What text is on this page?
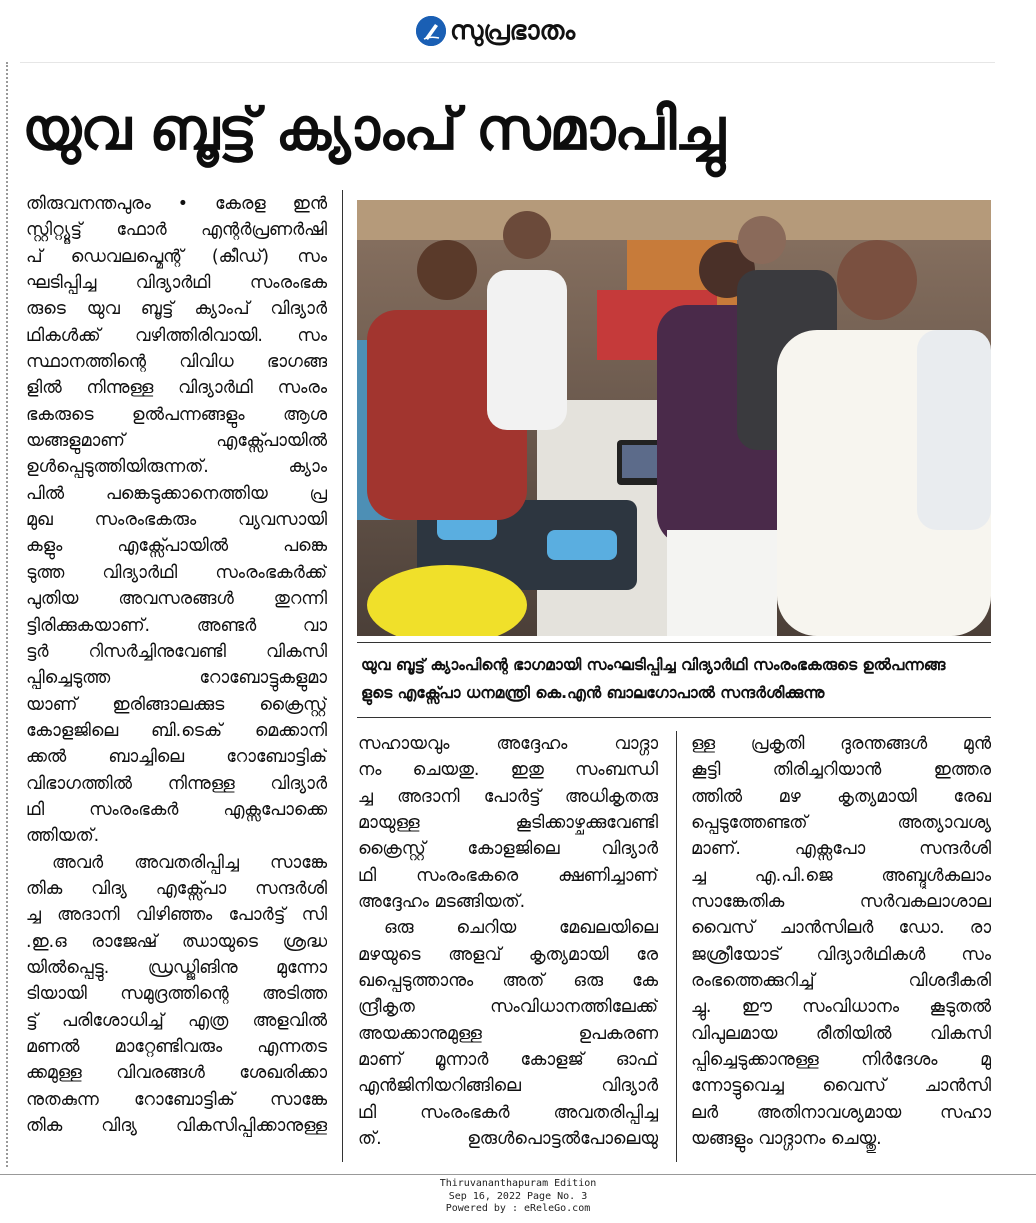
സുപ്രഭാതം
യുവ ബൂട്ട് ക്യാംപ് സമാപിച്ചു
തിരുവനന്തപുരം • കേരള ഇൻ
സ്റ്റിറ്റ്യൂട്ട് ഫോർ എന്റർപ്രണർഷി
പ് ഡെവലപ്മെന്റ് (കീഡ്) സം
ഘടിപ്പിച്ച വിദ്യാർഥി സംരംഭക
രുടെ യുവ ബൂട്ട് ക്യാംപ് വിദ്യാർ
ഥികൾക്ക് വഴിത്തിരിവായി. സം
സ്ഥാനത്തിന്റെ വിവിധ ഭാഗങ്ങ
ളിൽ നിന്നുള്ള വിദ്യാർഥി സംരം
ഭകരുടെ ഉൽപന്നങ്ങളും ആശ
യങ്ങളുമാണ് എക്സ്പോയിൽ
ഉൾപ്പെടുത്തിയിരുന്നത്. ക്യാം
പിൽ പങ്കെടുക്കാനെത്തിയ പ്ര
മുഖ സംരംഭകരും വ്യവസായി
കളും എക്സ്പോയിൽ പങ്കെ
ടുത്ത വിദ്യാർഥി സംരംഭകർക്ക്
പുതിയ അവസരങ്ങൾ തുറന്നി
ട്ടിരിക്കുകയാണ്. അണ്ടർ വാ
ട്ടർ റിസർച്ചിനുവേണ്ടി വികസി
പ്പിച്ചെടുത്ത റോബോട്ടുകളുമാ
യാണ് ഇരിങ്ങാലക്കുട ക്രൈസ്റ്റ്
കോളജിലെ ബി.ടെക് മെക്കാനി
ക്കൽ ബാച്ചിലെ റോബോട്ടിക്
വിഭാഗത്തിൽ നിന്നുള്ള വിദ്യാർ
ഥി സംരംഭകർ എക്സപോക്കെ
ത്തിയത്.
അവർ അവതരിപ്പിച്ച സാങ്കേ
തിക വിദ്യ എക്സ്പോ സന്ദർശി
ച്ച അദാനി വിഴിഞ്ഞം പോർട്ട് സി
.ഇ.ഒ രാജേഷ് ഝായുടെ ശ്രദ്ധ
യിൽപ്പെട്ടു. ഡ്രഡ്ജിങിനു മുന്നോ
ടിയായി സമുദ്രത്തിന്റെ അടിത്ത
ട്ട് പരിശോധിച്ച് എത്ര അളവിൽ
മണൽ മാറ്റേണ്ടിവരും എന്നതട
ക്കമുള്ള വിവരങ്ങൾ ശേഖരിക്കാ
നുതകുന്ന റോബോട്ടിക് സാങ്കേ
തിക വിദ്യ വികസിപ്പിക്കാനുള്ള
യുവ ബൂട്ട് ക്യാംപിന്റെ ഭാഗമായി സംഘടിപ്പിച്ച വിദ്യാർഥി സംരംഭകരുടെ ഉൽപന്നങ്ങ
ളുടെ എക്സ്പോ ധനമന്ത്രി കെ.എൻ ബാലഗോപാൽ സന്ദർശിക്കുന്നു
സഹായവും അദ്ദേഹം വാദ്ഗാ
നം ചെയതു. ഇതു സംബന്ധി
ച്ച അദാനി പോർട്ട് അധികൃതരു
മായുള്ള കൂടിക്കാഴ്ചക്കുവേണ്ടി
ക്രൈസ്റ്റ് കോളജിലെ വിദ്യാർ
ഥി സംരംഭകരെ ക്ഷണിച്ചാണ്
അദ്ദേഹം മടങ്ങിയത്.
ഒരു ചെറിയ മേഖലയിലെ
മഴയുടെ അളവ് കൃത്യമായി രേ
ഖപ്പെടുത്താനും അത് ഒരു കേ
ന്ദ്രീകൃത സംവിധാനത്തിലേക്ക്
അയക്കാനുമുള്ള ഉപകരണ
മാണ് മൂന്നാർ കോളജ് ഓഫ്
എൻജിനിയറിങ്ങിലെ വിദ്യാർ
ഥി സംരംഭകർ അവതരിപ്പിച്ച
ത്. ഉരുൾപൊട്ടൽപോലെയു
ള്ള പ്രകൃതി ദുരന്തങ്ങൾ മുൻ
കൂട്ടി തിരിച്ചറിയാൻ ഇത്തര
ത്തിൽ മഴ കൃത്യമായി രേഖ
പ്പെടുത്തേണ്ടത് അത്യാവശ്യ
മാണ്. എക്സപോ സന്ദർശി
ച്ച എ.പി.ജെ അബ്ദുൾകലാം
സാങ്കേതിക സർവകലാശാല
വൈസ് ചാൻസിലർ ഡോ. രാ
ജശ്രീയോട് വിദ്യാർഥികൾ സം
രംഭത്തെക്കുറിച്ച് വിശദീകരി
ച്ചു. ഈ സംവിധാനം കൂടുതൽ
വിപുലമായ രീതിയിൽ വികസി
പ്പിച്ചെടുക്കാനുള്ള നിർദേശം മു
ന്നോട്ടുവെച്ച വൈസ് ചാൻസി
ലർ അതിനാവശ്യമായ സഹാ
യങ്ങളും വാദ്ഗാനം ചെയ്തു.
Thiruvananthapuram Edition
Sep 16, 2022 Page No. 3
Powered by : eReleGo.com
